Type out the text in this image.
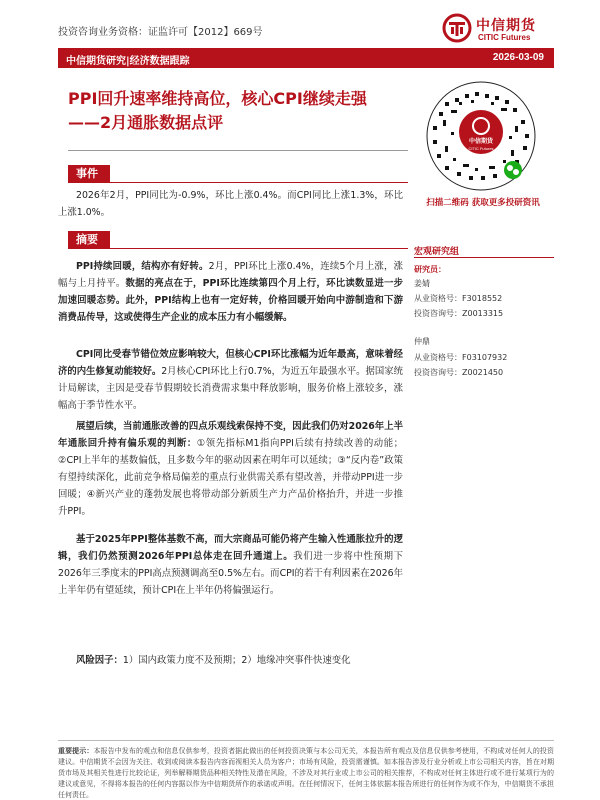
投资咨询业务资格：证监许可【2012】669号	中信期货
CITIC Futures
中信期货研究|经济数据跟踪	2026-03-09
PPI回升速率维持高位，核心CPI继续走强
——2月通胀数据点评
事件
2026年2月，PPI同比为-0.9%，环比上涨0.4%。而CPI同比上涨1.3%，环比上涨1.0%。
摘要
PPI持续回暖，结构亦有好转。2月，PPI环比上涨0.4%，连续5个月上涨，涨幅与上月持平。数据的亮点在于，PPI环比连续第四个月上行，环比读数显进一步加速回暖态势。此外，PPI结构上也有一定好转，价格回暖开始向中游制造和下游消费品传导，这或使得生产企业的成本压力有小幅缓解。
CPI同比受春节错位效应影响较大，但核心CPI环比涨幅为近年最高，意味着经济的内生修复动能较好。2月核心CPI环比上行0.7%，为近五年最强水平。据国家统计局解读，主因是受春节假期较长消费需求集中释放影响，服务价格上涨较多，涨幅高于季节性水平。
展望后续，当前通胀改善的四点乐观线索保持不变，因此我们仍对2026年上半年通胀回升持有偏乐观的判断：①领先指标M1指向PPI后续有持续改善的动能；②CPI上半年的基数偏低，且多数今年的驱动因素在明年可以延续；③“反内卷”政策有望持续深化，此前竞争格局偏差的重点行业供需关系有望改善，并带动PPI进一步回暖；④新兴产业的蓬勃发展也将带动部分新质生产力产品价格抬升，并进一步推升PPI。
基于2025年PPI整体基数不高，而大宗商品可能仍将产生输入性通胀拉升的逻辑，我们仍然预测2026年PPI总体走在回升通道上。我们进一步将中性预期下2026年三季度末的PPI高点预测调高至0.5%左右。而CPI的若干有利因素在2026年上半年仍有望延续，预计CPI在上半年仍将偏强运行。
风险因子：1）国内政策力度不及预期；2）地缘冲突事件快速变化
中信期货
CITIC Futures
扫描二维码 获取更多投研资讯
宏观研究组
研究员：
姜婧
从业资格号：F3018552
投资咨询号：Z0013315
仲鼎
从业资格号：F03107932
投资咨询号：Z0021450
重要提示：本报告中发布的观点和信息仅供参考，投资者据此做出的任何投资决策与本公司无关，本报告所有观点及信息仅供参考使用，不构成对任何人的投资建议。中信期货不会因为关注、收到或阅读本报告内容而视相关人员为客户；市场有风险，投资需谨慎。如本报告涉及行业分析或上市公司相关内容，旨在对期货市场及其相关性进行比较论证，列举解释期货品种相关特性及潜在风险，不涉及对其行业或上市公司的相关推荐，不构成对任何主体进行或不进行某项行为的建议或意见，不得将本报告的任何内容据以作为中信期货所作的承诺或声明。在任何情况下，任何主体依据本报告所进行的任何作为或不作为，中信期货不承担任何责任。
